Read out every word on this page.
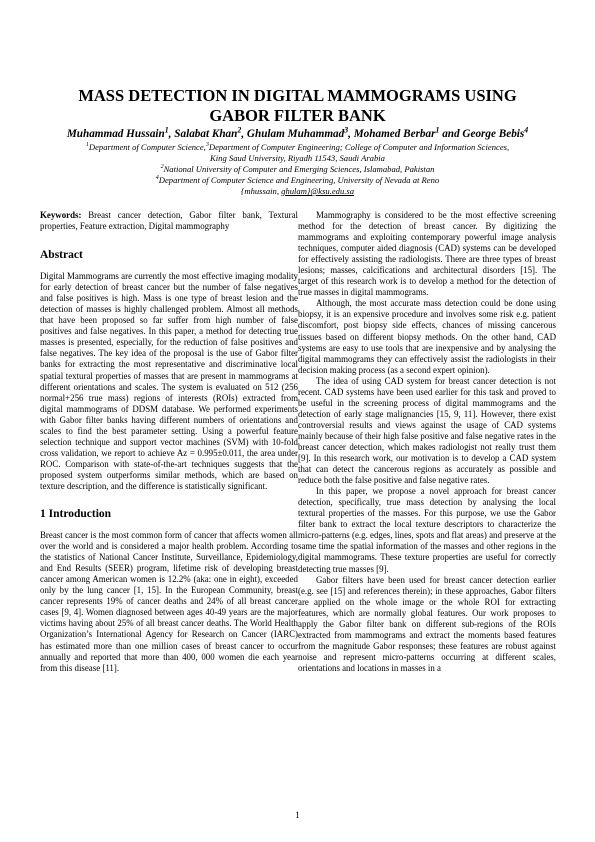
MASS DETECTION IN DIGITAL MAMMOGRAMS USING
GABOR FILTER BANK
Muhammad Hussain$^1$, Salabat Khan$^2$, Ghulam Muhammad$^3$, Mohamed Berbar$^1$ and George Bebis$^4$
$^1$Department of Computer Science,$^3$Department of Computer Engineering; College of Computer and Information Sciences,
King Saud University, Riyadh 11543, Saudi Arabia
$^2$National University of Computer and Emerging Sciences, Islamabad, Pakistan
$^4$Department of Computer Science and Engineering, University of Nevada at Reno
{mhussain, ghulam}@ksu.edu.sa

Keywords: Breast cancer detection, Gabor filter bank, Textural properties, Feature extraction, Digital mammography

Abstract

Digital Mammograms are currently the most effective imaging modality for early detection of breast cancer but the number of false negatives and false positives is high. Mass is one type of breast lesion and the detection of masses is highly challenged problem. Almost all methods that have been proposed so far suffer from high number of false positives and false negatives. In this paper, a method for detecting true masses is presented, especially, for the reduction of false positives and false negatives. The key idea of the proposal is the use of Gabor filter banks for extracting the most representative and discriminative local spatial textural properties of masses that are present in mammograms at different orientations and scales. The system is evaluated on 512 (256 normal+256 true mass) regions of interests (ROIs) extracted from digital mammograms of DDSM database. We performed experiments with Gabor filter banks having different numbers of orientations and scales to find the best parameter setting. Using a powerful feature selection technique and support vector machines (SVM) with 10-fold cross validation, we report to achieve Az = 0.995±0.011, the area under ROC. Comparison with state-of-the-art techniques suggests that the proposed system outperforms similar methods, which are based on texture description, and the difference is statistically significant.

1 Introduction

Breast cancer is the most common form of cancer that affects women all over the world and is considered a major health problem. According to the statistics of National Cancer Institute, Surveillance, Epidemiology, and End Results (SEER) program, lifetime risk of developing breast cancer among American women is 12.2% (aka: one in eight), exceeded only by the lung cancer [1, 15]. In the European Community, breast cancer represents 19% of cancer deaths and 24% of all breast cancer cases [9, 4]. Women diagnosed between ages 40-49 years are the major victims having about 25% of all breast cancer deaths. The World Health Organization’s International Agency for Research on Cancer (IARC) has estimated more than one million cases of breast cancer to occur annually and reported that more than 400, 000 women die each year from this disease [11].

Mammography is considered to be the most effective screening method for the detection of breast cancer. By digitizing the mammograms and exploiting contemporary powerful image analysis techniques, computer aided diagnosis (CAD) systems can be developed for effectively assisting the radiologists. There are three types of breast lesions; masses, calcifications and architectural disorders [15]. The target of this research work is to develop a method for the detection of true masses in digital mammograms.

Although, the most accurate mass detection could be done using biopsy, it is an expensive procedure and involves some risk e.g. patient discomfort, post biopsy side effects, chances of missing cancerous tissues based on different biopsy methods. On the other hand, CAD systems are easy to use tools that are inexpensive and by analysing the digital mammograms they can effectively assist the radiologists in their decision making process (as a second expert opinion).

The idea of using CAD system for breast cancer detection is not recent. CAD systems have been used earlier for this task and proved to be useful in the screening process of digital mammograms and the detection of early stage malignancies [15, 9, 11]. However, there exist controversial results and views against the usage of CAD systems mainly because of their high false positive and false negative rates in the breast cancer detection, which makes radiologist not really trust them [9]. In this research work, our motivation is to develop a CAD system that can detect the cancerous regions as accurately as possible and reduce both the false positive and false negative rates.

In this paper, we propose a novel approach for breast cancer detection, specifically, true mass detection by analysing the local textural properties of the masses. For this purpose, we use the Gabor filter bank to extract the local texture descriptors to characterize the micro-patterns (e.g. edges, lines, spots and flat areas) and preserve at the same time the spatial information of the masses and other regions in the digital mammograms. These texture properties are useful for correctly detecting true masses [9].

Gabor filters have been used for breast cancer detection earlier (e.g. see [15] and references therein); in these approaches, Gabor filters are applied on the whole image or the whole ROI for extracting features, which are normally global features. Our work proposes to apply the Gabor filter bank on different sub-regions of the ROIs extracted from mammograms and extract the moments based features from the magnitude Gabor responses; these features are robust against noise and represent micro-patterns occurring at different scales, orientations and locations in masses in a

1
